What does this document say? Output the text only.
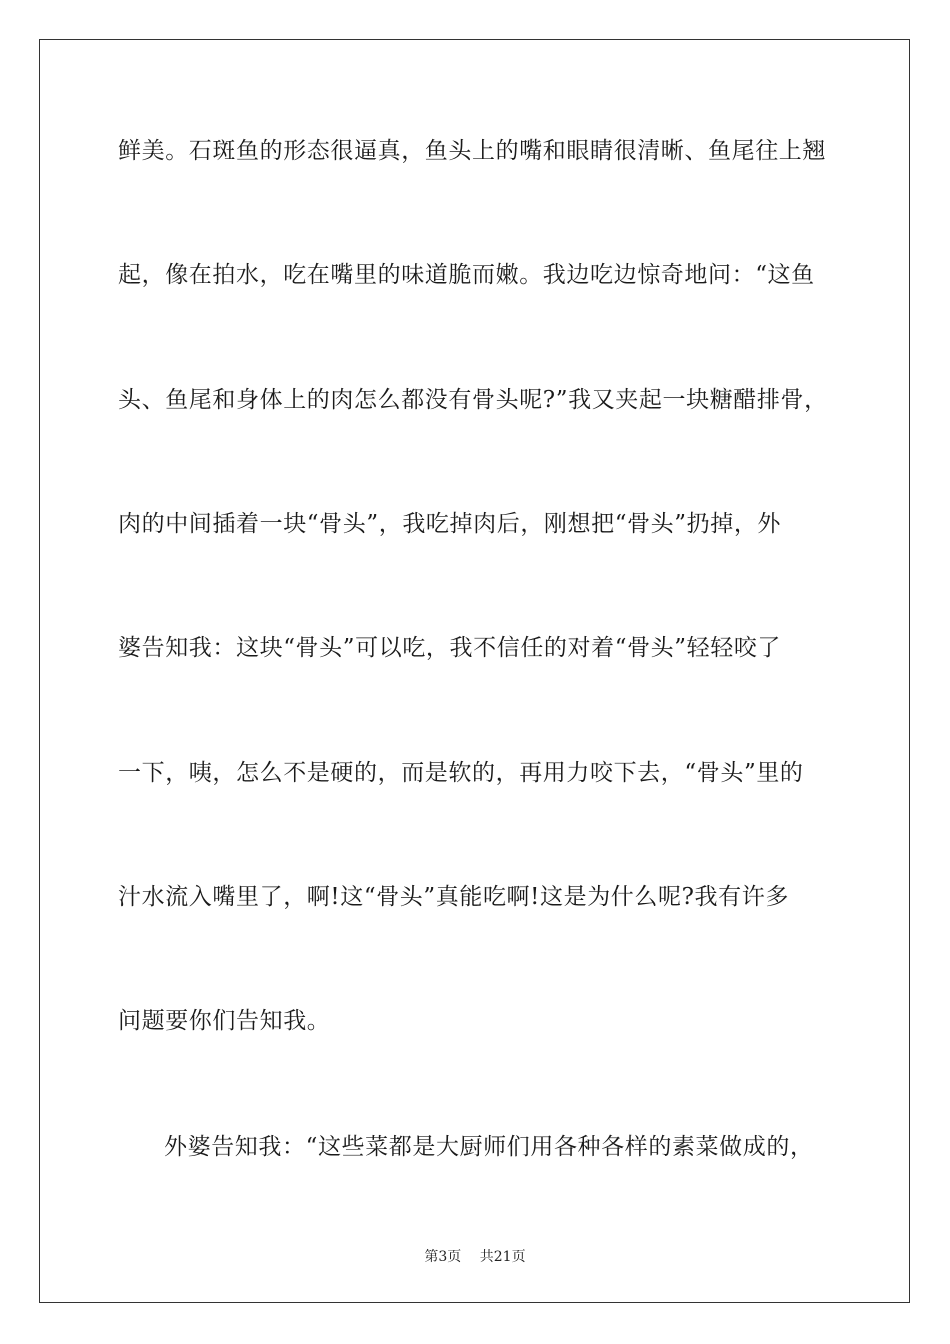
鲜美。石斑鱼的形态很逼真，鱼头上的嘴和眼睛很清晰、鱼尾往上翘
起，像在拍水，吃在嘴里的味道脆而嫩。我边吃边惊奇地问：“这鱼
头、鱼尾和身体上的肉怎么都没有骨头呢?”我又夹起一块糖醋排骨，
肉的中间插着一块“骨头”，我吃掉肉后，刚想把“骨头”扔掉，外
婆告知我：这块“骨头”可以吃，我不信任的对着“骨头”轻轻咬了
一下，咦，怎么不是硬的，而是软的，再用力咬下去，“骨头”里的
汁水流入嘴里了，啊!这“骨头”真能吃啊!这是为什么呢?我有许多
问题要你们告知我。
外婆告知我：“这些菜都是大厨师们用各种各样的素菜做成的，
第3页 共21页
